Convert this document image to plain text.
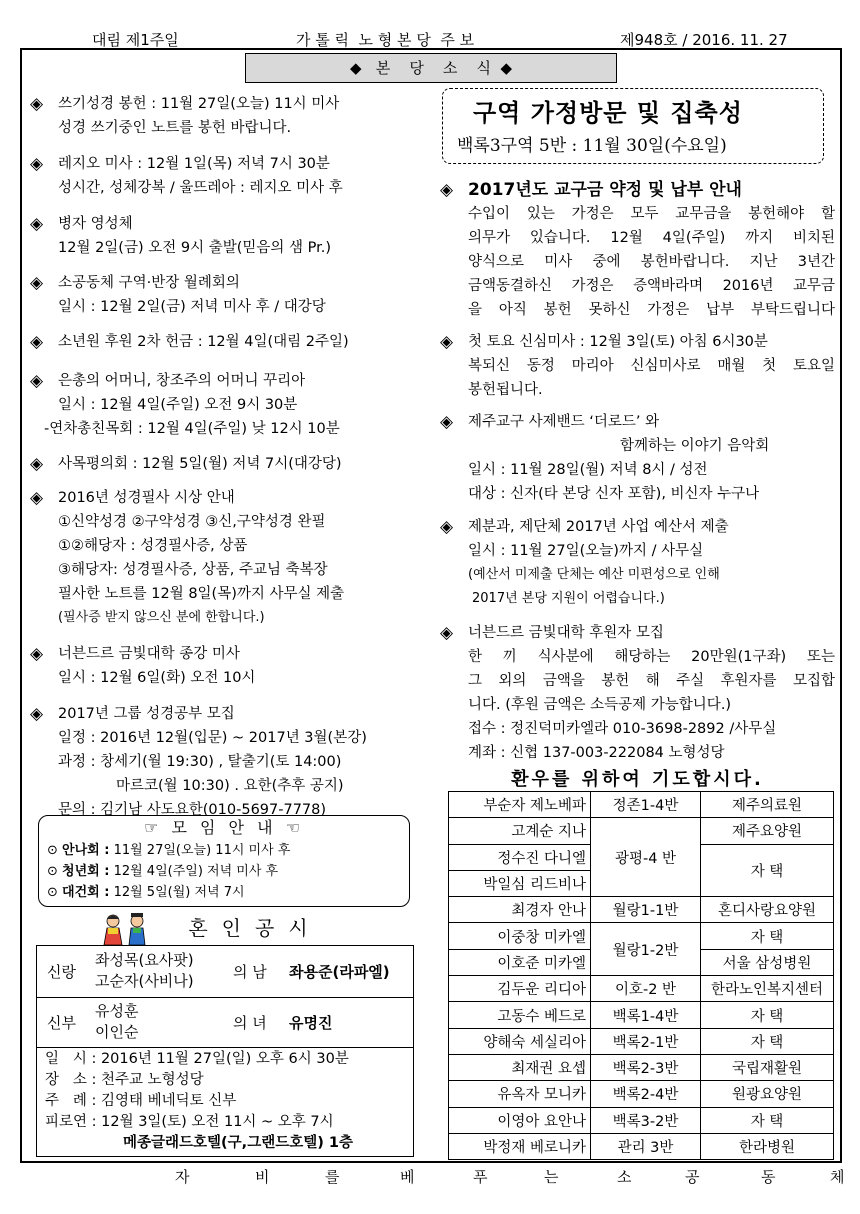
대림 제1주일	가 톨 릭  노 형 본 당  주 보	제948호 / 2016. 11. 27
◆   본    당    소    식  ◆
◈ 쓰기성경 봉헌 : 11월 27일(오늘) 11시 미사
성경 쓰기중인 노트를 봉헌 바랍니다.
◈ 레지오 미사 : 12월 1일(목) 저녁 7시 30분
성시간, 성체강복 / 울뜨레아 : 레지오 미사 후
◈ 병자 영성체
12월 2일(금) 오전 9시 출발(믿음의 샘 Pr.)
◈ 소공동체 구역·반장 월례회의
일시 : 12월 2일(금) 저녁 미사 후 / 대강당
◈ 소년원 후원 2차 헌금 : 12월 4일(대림 2주일)
◈ 은총의 어머니, 창조주의 어머니 꾸리아
일시 : 12월 4일(주일) 오전 9시 30분
-연차총친목회 : 12월 4일(주일) 낮 12시 10분
◈ 사목평의회 : 12월 5일(월) 저녁 7시(대강당)
◈ 2016년 성경필사 시상 안내
①신약성경 ②구약성경 ③신,구약성경 완필
①②해당자 : 성경필사증, 상품
③해당자: 성경필사증, 상품, 주교님 축복장
필사한 노트를 12월 8일(목)까지 사무실 제출
(필사증 받지 않으신 분에 한합니다.)
◈ 너븐드르 금빛대학 종강 미사
일시 : 12월 6일(화) 오전 10시
◈ 2017년 그룹 성경공부 모집
일정 : 2016년 12월(입문) ~ 2017년 3월(본강)
과정 : 창세기(월 19:30) , 탈출기(토 14:00)
마르코(월 10:30) . 요한(추후 공지)
문의 : 김기남 사도요한(010-5697-7778)
☞ 모 임 안 내 ☜
⊙ 안나회 : 11월 27일(오늘) 11시 미사 후
⊙ 청년회 : 12월 4일(주일) 저녁 미사 후
⊙ 대건회 : 12월 5일(월) 저녁 7시
혼인공시
신랑
좌성목(요사팟)
고순자(사비나)	의 남 좌용준(라파엘)
신부
유성훈
이인순	의 녀 유명진
일   시 : 2016년 11월 27일(일) 오후 6시 30분
장   소 : 천주교 노형성당
주   례 : 김영태 베네딕토 신부
피로연 : 12월 3일(토) 오전 11시 ~ 오후 7시
메종글래드호텔(구,그랜드호텔) 1층
구역 가정방문 및 집축성
백록3구역 5반 : 11월 30일(수요일)
◈ 2017년도 교구금 약정 및 납부 안내
수입이 있는 가정은 모두 교무금을 봉헌해야 할
의무가 있습니다. 12월 4일(주일) 까지 비치된
양식으로 미사 중에 봉헌바랍니다. 지난 3년간
금액동결하신 가정은 증액바라며 2016년 교무금
을 아직 봉헌 못하신 가정은 납부 부탁드립니다
◈ 첫 토요 신심미사 : 12월 3일(토) 아침 6시30분
복되신 동정 마리아 신심미사로 매월 첫 토요일
봉헌됩니다.
◈ 제주교구 사제밴드 ‘더로드’ 와
함께하는 이야기 음악회
일시 : 11월 28일(월) 저녁 8시 / 성전
대상 : 신자(타 본당 신자 포함), 비신자 누구나
◈ 제분과, 제단체 2017년 사업 예산서 제출
일시 : 11월 27일(오늘)까지 / 사무실
(예산서 미제출 단체는 예산 미편성으로 인해
2017년 본당 지원이 어렵습니다.)
◈ 너븐드르 금빛대학 후원자 모집
한 끼 식사분에 해당하는 20만원(1구좌) 또는
그 외의 금액을 봉헌 해 주실 후원자를 모집합
니다. (후원 금액은 소득공제 가능합니다.)
접수 : 정진덕미카엘라 010-3698-2892 /사무실
계좌 : 신협 137-003-222084 노형성당
환우를 위하여 기도합시다.
부순자 제노베파	정존1-4반	제주의료원
고계순 지나	광평-4 반	제주요양원
정수진 다니엘		자 택
박일심 리드비나		
최경자 안나	월랑1-1반	혼디사랑요양원
이중창 미카엘	월랑1-2반	자 택
이호준 미카엘		서울 삼성병원
김두운 리디아	이호-2 반	한라노인복지센터
고동수 베드로	백록1-4반	자 택
양해숙 세실리아	백록2-1반	자 택
최재권 요셉	백록2-3반	국립재활원
유옥자 모니카	백록2-4반	원광요양원
이영아 요안나	백록3-2반	자 택
박정재 베로니카	관리 3반	한라병원
자	비	를	베	푸	는	소	공	동	체
